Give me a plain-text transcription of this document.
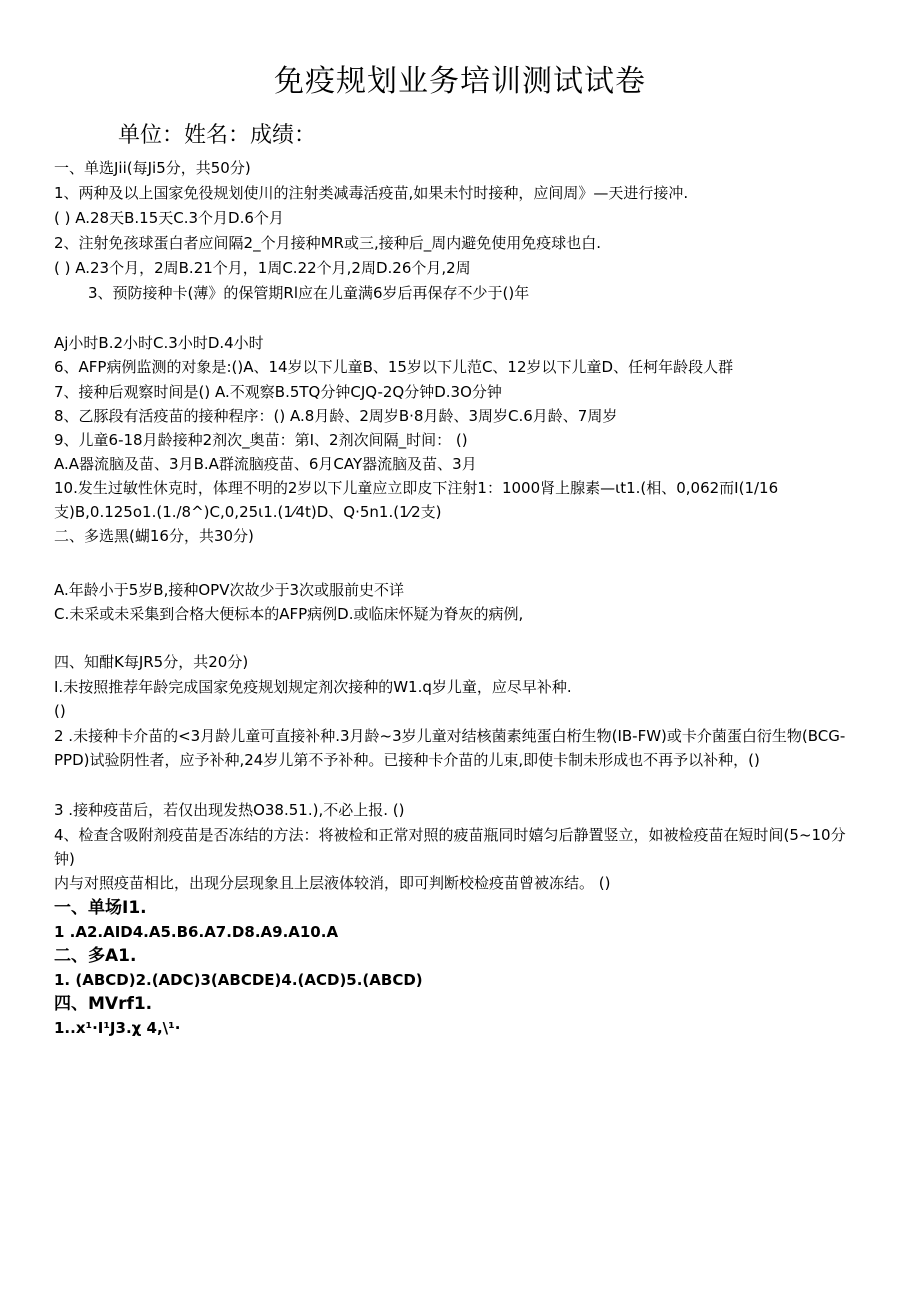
免疫规划业务培训测试试卷
单位：姓名：成绩：
一、单选Jii(每Ji5分，共50分)
1、两种及以上国家免役规划使川的注射类减毒活疫苗,如果未忖时接种，应间周》—天进行接冲.
( ) A.28天B.15天C.3个月D.6个月
2、注射免孩球蛋白者应间隔2_个月接种MR或三,接种后_周内避免使用免疫球也白.
( ) A.23个月，2周B.21个月，1周C.22个月,2周D.26个月,2周
3、预防接种卡(薄》的保管期Rl应在儿童满6岁后再保存不少于()年
Aj小时B.2小时C.3小时D.4小时
6、AFP病例监测的对象是:()A、14岁以下儿童B、15岁以下儿范C、12岁以下儿童D、任柯年龄段人群
7、接种后观察时间是() A.不观察B.5TQ分钟CJQ-2Q分钟D.3O分钟
8、乙豚段有活疫苗的接种程序：() A.8月龄、2周岁B·8月龄、3周岁C.6月龄、7周岁
9、儿童6-18月龄接种2剂次_奥苗：第I、2剂次间隔_时间： ()
A.A器流脑及苗、3月B.A群流脑疫苗、6月CAY器流脑及苗、3月
10.发生过敏性休克时，体理不明的2岁以下儿童应立即皮下注射1：1000肾上腺素—ιt1.(相、0,062而I(1/16
支)B,0.125o1.(1./8^)C,0,25ι1.(1⁄4t)D、Q·5n1.(1⁄2支)
二、多选黑(蝴16分，共30分)
A.年龄小于5岁B,接种OPV次故少于3次或服前史不详
C.未采或未采集到合格大便标本的AFP病例D.或临床怀疑为脊灰的病例,
四、知酣K每JR5分，共20分)
I.未按照推荐年龄完成国家免疫规划规定剂次接种的W1.q岁儿童，应尽早补种.
()
2 .未接种卡介苗的<3月龄儿童可直接补种.3月龄~3岁儿童对结核菌素纯蛋白桁生物(IB-FW)或卡介菌蛋白衍生物(BCG-PPD)试验阴性者，应予补种,24岁儿第不予补种。已接种卡介苗的儿束,即使卡制未形成也不再予以补种，()
3 .接种疫苗后，若仅出现发热O38.51.),不必上报. ()
4、检查含吸附剂疫苗是否冻结的方法：将被检和正常对照的疲苗瓶同时嬉匀后静置竖立，如被检疫苗在短时间(5~10分钟)
内与对照疫苗相比，出现分层现象且上层液体较消，即可判断校检疫苗曾被冻结。 ()
一、单场I1.
1 .A2.AID4.A5.B6.A7.D8.A9.A10.A
二、多A1.
1. (ABCD)2.(ADC)3(ABCDE)4.(ACD)5.(ABCD)
四、MVrf1.
1..x¹·I¹J3.χ 4,\¹·
